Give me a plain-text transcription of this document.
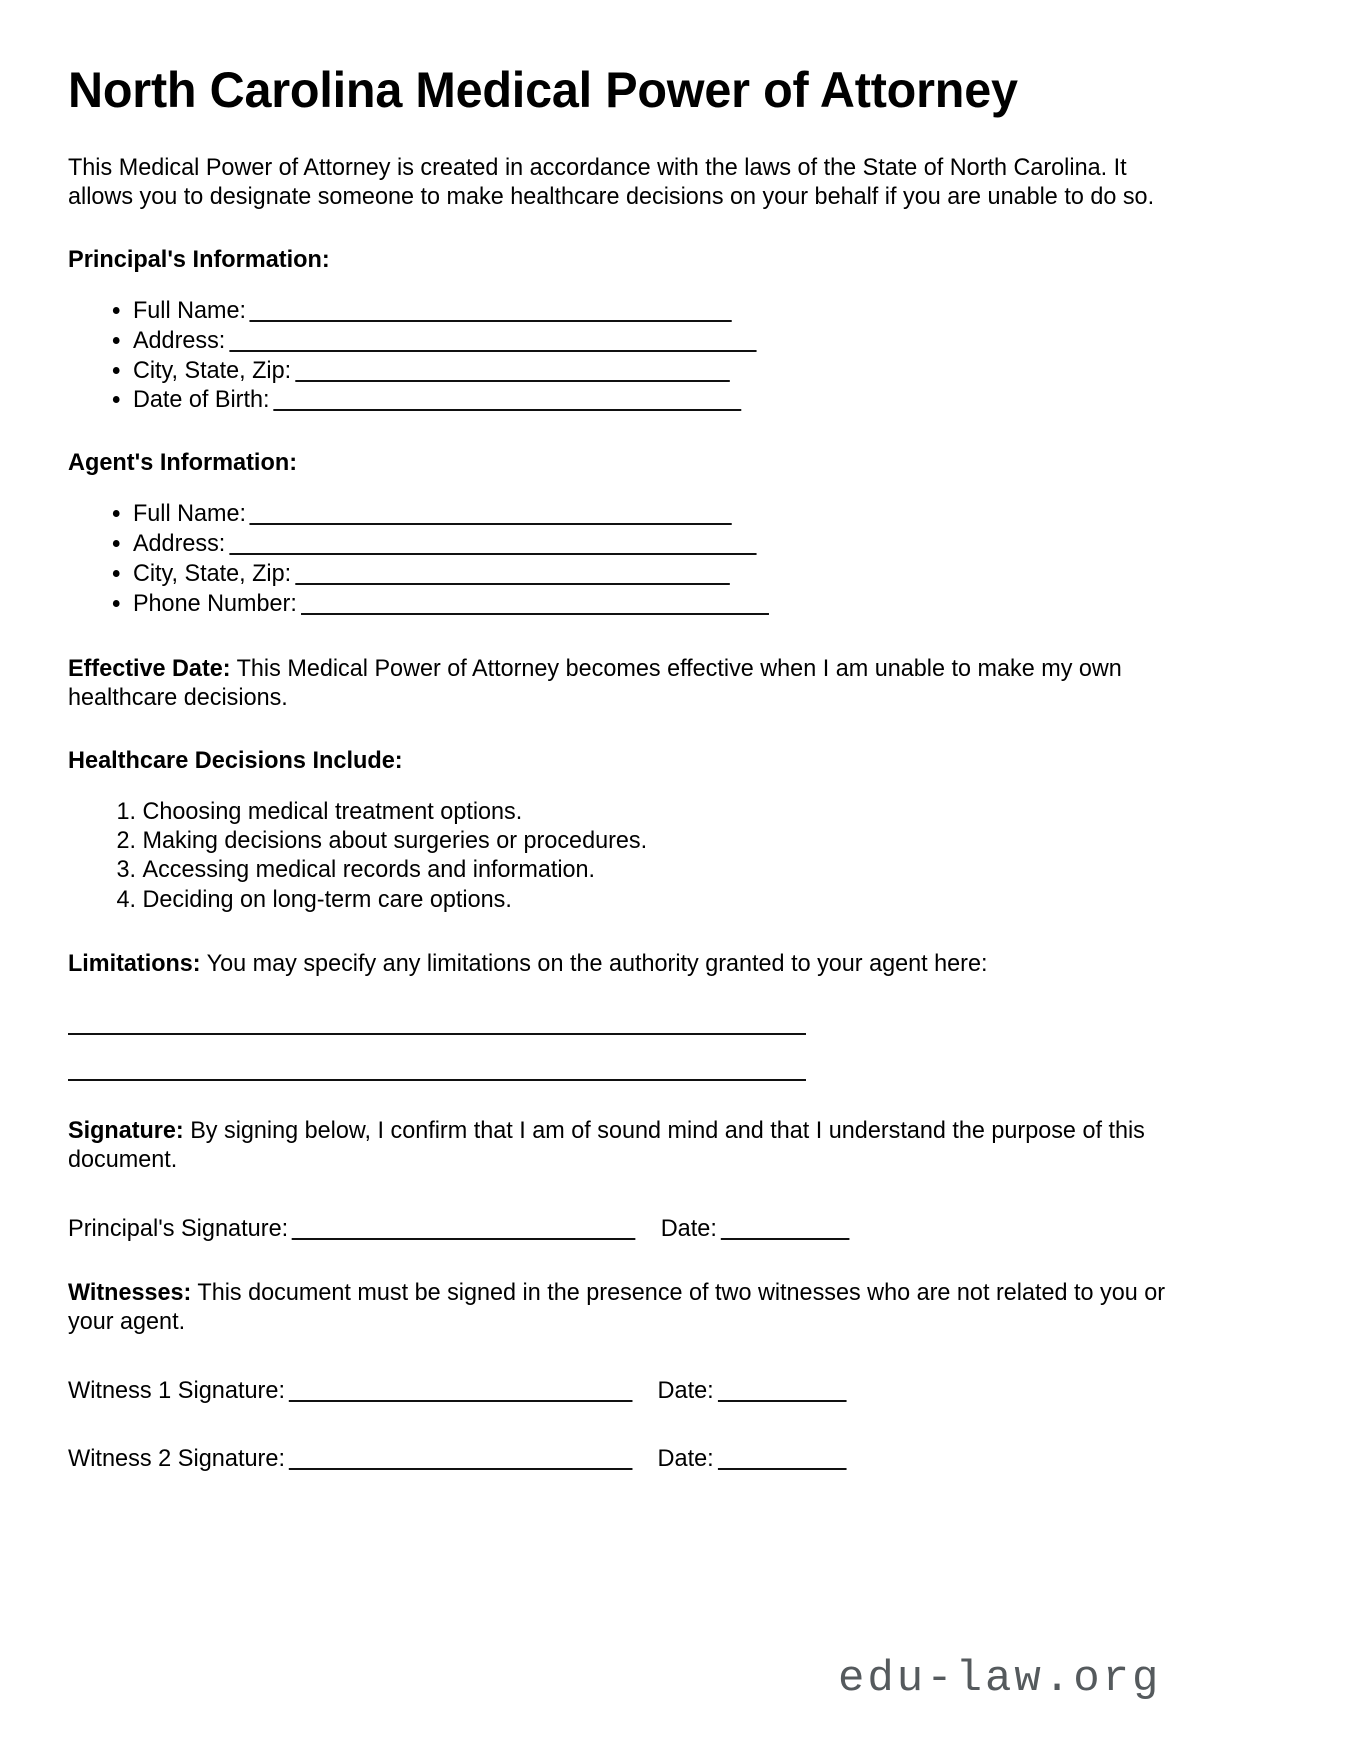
North Carolina Medical Power of Attorney

This Medical Power of Attorney is created in accordance with the laws of the State of North Carolina. It allows you to designate someone to make healthcare decisions on your behalf if you are unable to do so.

Principal's Information:
• Full Name:
• Address:
• City, State, Zip:
• Date of Birth:
Agent's Information:
• Full Name:
• Address:
• City, State, Zip:
• Phone Number:

Effective Date: This Medical Power of Attorney becomes effective when I am unable to make my own healthcare decisions.

Healthcare Decisions Include:
1. Choosing medical treatment options.
2. Making decisions about surgeries or procedures.
3. Accessing medical records and information.
4. Deciding on long-term care options.

Limitations: You may specify any limitations on the authority granted to your agent here:

Signature: By signing below, I confirm that I am of sound mind and that I understand the purpose of this document.

Principal's Signature:	Date:

Witnesses: This document must be signed in the presence of two witnesses who are not related to you or your agent.

Witness 1 Signature:	Date:
Witness 2 Signature:	Date:
edu-law.org
